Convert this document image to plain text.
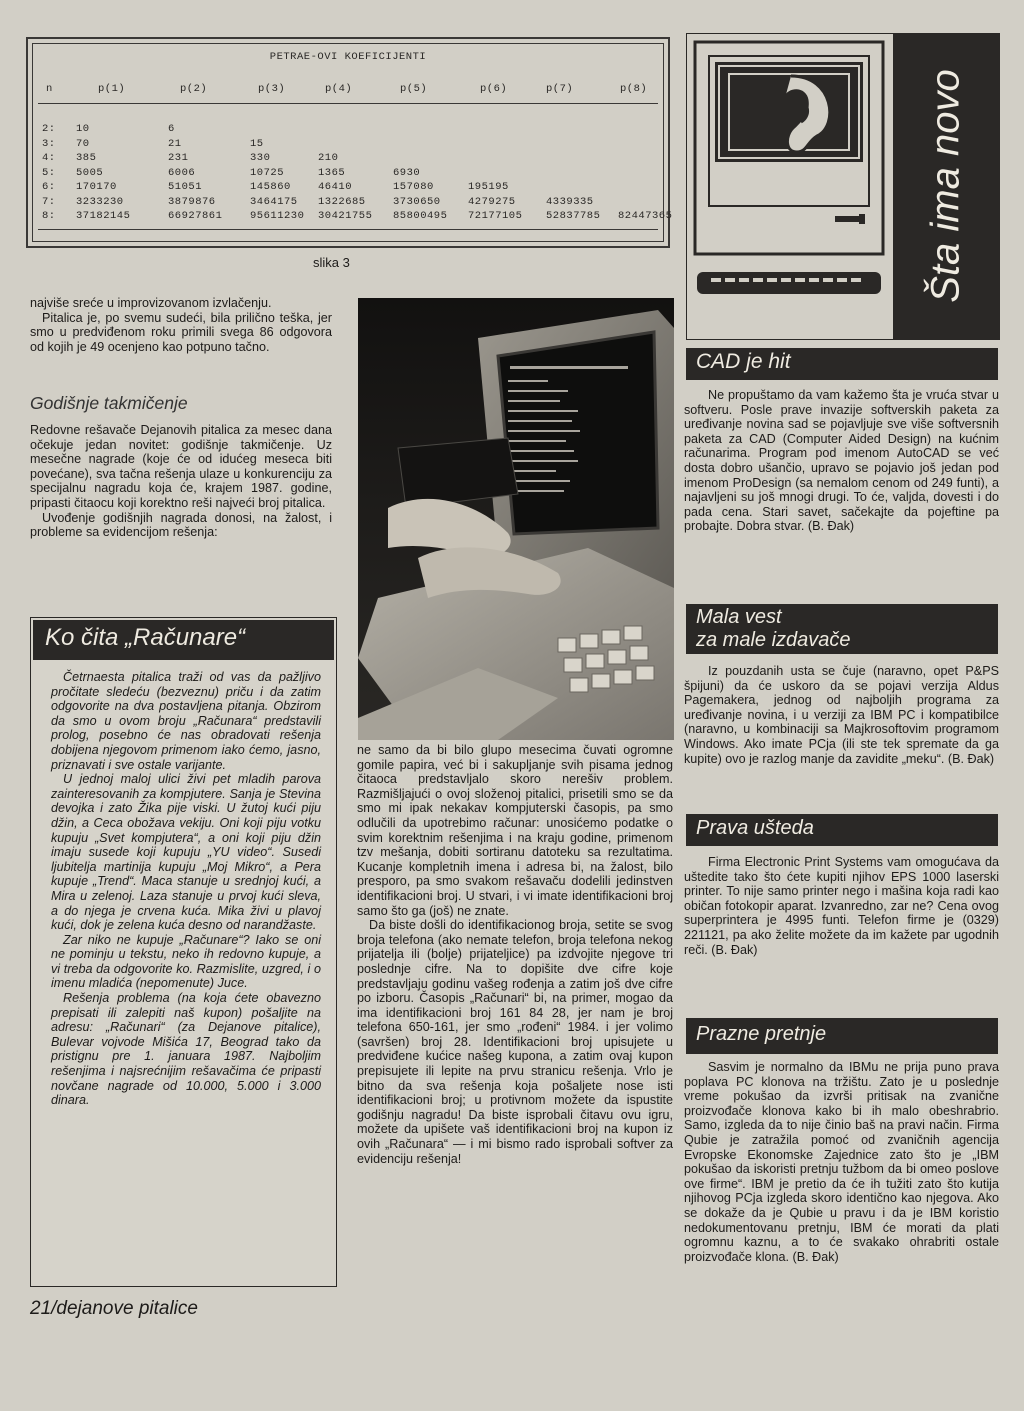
PETRAE-OVI KOEFICIJENTI
n	p(1)	p(2)	p(3)	p(4)	p(5)	p(6)	p(7)	p(8)
2: 10	6
3: 70	21	15
4: 385	231	330	210
5: 5005	6006	10725	1365	6930
6: 170170	51051	145860	46410	157080	195195
7: 3233230	3879876	3464175 1322685	3730650	4279275	4339335
8: 37182145	66927861	95611230 30421755 85800495 72177105 52837785 82447365
slika 3

najviše sreće u improvizovanom izvlačenju.

Pitalica je, po svemu sudeći, bila prilično teška, jer smo u predviđenom roku primili svega 86 odgovora od kojih je 49 ocenjeno kao potpuno tačno.

Godišnje takmičenje

Redovne rešavače Dejanovih pitalica za mesec dana očekuje jedan novitet: godišnje takmičenje. Uz mesečne nagrade (koje će od idućeg meseca biti povećane), sva tačna rešenja ulaze u konkurenciju za specijalnu nagradu koja će, krajem 1987. godine, pripasti čitaocu koji korektno reši najveći broj pitalica.

Uvođenje godišnjih nagrada donosi, na žalost, i probleme sa evidencijom rešenja:

Ko čita „Računare“

Četrnaesta pitalica traži od vas da pažljivo pročitate sledeću (bezveznu) priču i da zatim odgovorite na dva postavljena pitanja. Obzirom da smo u ovom broju „Računara“ predstavili prolog, posebno će nas obradovati rešenja dobijena njegovom primenom iako ćemo, jasno, priznavati i sve ostale varijante.

U jednoj maloj ulici živi pet mladih parova zainteresovanih za kompjutere. Sanja je Stevina devojka i zato Žika pije viski. U žutoj kući piju džin, a Ceca obožava vekiju. Oni koji piju votku kupuju „Svet kompjutera“, a oni koji piju džin imaju susede koji kupuju „YU video“. Susedi ljubitelja martinija kupuju „Moj Mikro“, a Pera kupuje „Trend“. Maca stanuje u srednjoj kući, a Mira u zelenoj. Laza stanuje u prvoj kući sleva, a do njega je crvena kuća. Mika živi u plavoj kući, dok je zelena kuća desno od narandžaste.

Zar niko ne kupuje „Računare“? Iako se oni ne pominju u tekstu, neko ih redovno kupuje, a vi treba da odgovorite ko. Razmislite, uzgred, i o imenu mladića (nepomenute) Juce.

Rešenja problema (na koja ćete obavezno prepisati ili zalepiti naš kupon) pošaljite na adresu: „Računari“ (za Dejanove pitalice), Bulevar vojvode Mišića 17, Beograd tako da pristignu pre 1. januara 1987. Najboljim rešenjima i najsrećnijim rešavačima će pripasti novčane nagrade od 10.000, 5.000 i 3.000 dinara.

21/dejanove pitalice

ne samo da bi bilo glupo mesecima čuvati ogromne gomile papira, već bi i sakupljanje svih pisama jednog čitaoca predstavljalo skoro nerešiv problem. Razmišljajući o ovoj složenoj pitalici, prisetili smo se da smo mi ipak nekakav kompjuterski časopis, pa smo odlučili da upotrebimo računar: unosićemo podatke o svim korektnim rešenjima i na kraju godine, primenom tzv mešanja, dobiti sortiranu datoteku sa rezultatima. Kucanje kompletnih imena i adresa bi, na žalost, bilo presporo, pa smo svakom rešavaču dodelili jedinstven identifikacioni broj. U stvari, i vi imate identifikacioni broj samo što ga (još) ne znate.

Da biste došli do identifikacionog broja, setite se svog broja telefona (ako nemate telefon, broja telefona nekog prijatelja ili (bolje) prijateljice) pa izdvojite njegove tri poslednje cifre. Na to dopišite dve cifre koje predstavljaju godinu vašeg rođenja a zatim još dve cifre po izboru. Časopis „Računari“ bi, na primer, mogao da ima identifikacioni broj 161 84 28, jer nam je broj telefona 650-161, jer smo „rođeni“ 1984. i jer volimo (savršen) broj 28. Identifikacioni broj upisujete u predviđene kućice našeg kupona, a zatim ovaj kupon prepisujete ili lepite na prvu stranicu rešenja. Vrlo je bitno da sva rešenja koja pošaljete nose isti identifikacioni broj; u protivnom možete da ispustite godišnju nagradu! Da biste isprobali čitavu ovu igru, možete da upišete vaš identifikacioni broj na kupon iz ovih „Računara“ — i mi bismo rado isprobali softver za evidenciju rešenja!

Šta ima novo
CAD je hit

Ne propuštamo da vam kažemo šta je vruća stvar u softveru. Posle prave invazije softverskih paketa za uređivanje novina sad se pojavljuje sve više softversnih paketa za CAD (Computer Aided Design) na kućnim računarima. Program pod imenom AutoCAD se već dosta dobro ušančio, upravo se pojavio još jedan pod imenom ProDesign (sa nemalom cenom od 249 funti), a najavljeni su još mnogi drugi. To će, valjda, dovesti i do pada cena. Stari savet, sačekajte da pojeftine pa probajte. Dobra stvar. (B. Đak)

Mala vest
za male izdavače

Iz pouzdanih usta se čuje (naravno, opet P&PS špijuni) da će uskoro da se pojavi verzija Aldus Pagemakera, jednog od najboljih programa za uređivanje novina, i u verziji za IBM PC i kompatibilce (naravno, u kombinaciji sa Majkrosoftovim programom Windows. Ako imate PCja (ili ste tek spremate da ga kupite) ovo je razlog manje da zavidite „meku“. (B. Đak)

Prava ušteda

Firma Electronic Print Systems vam omogućava da uštedite tako što ćete kupiti njihov EPS 1000 laserski printer. To nije samo printer nego i mašina koja radi kao običan fotokopir aparat. Izvanredno, zar ne? Cena ovog superprintera je 4995 funti. Telefon firme je (0329) 221121, pa ako želite možete da im kažete par ugodnih reči. (B. Đak)

Prazne pretnje

Sasvim je normalno da IBMu ne prija puno prava poplava PC klonova na tržištu. Zato je u poslednje vreme pokušao da izvrši pritisak na zvanične proizvođače klonova kako bi ih malo obeshrabrio. Samo, izgleda da to nije činio baš na pravi način. Firma Qubie je zatražila pomoć od zvaničnih agencija Evropske Ekonomske Zajednice zato što je „IBM pokušao da iskoristi pretnju tužbom da bi omeo poslove ove firme“. IBM je pretio da će ih tužiti zato što kutija njihovog PCja izgleda skoro identično kao njegova. Ako se dokaže da je Qubie u pravu i da je IBM koristio nedokumentovanu pretnju, IBM će morati da plati ogromnu kaznu, a to će svakako ohrabriti ostale proizvođače klona. (B. Đak)
